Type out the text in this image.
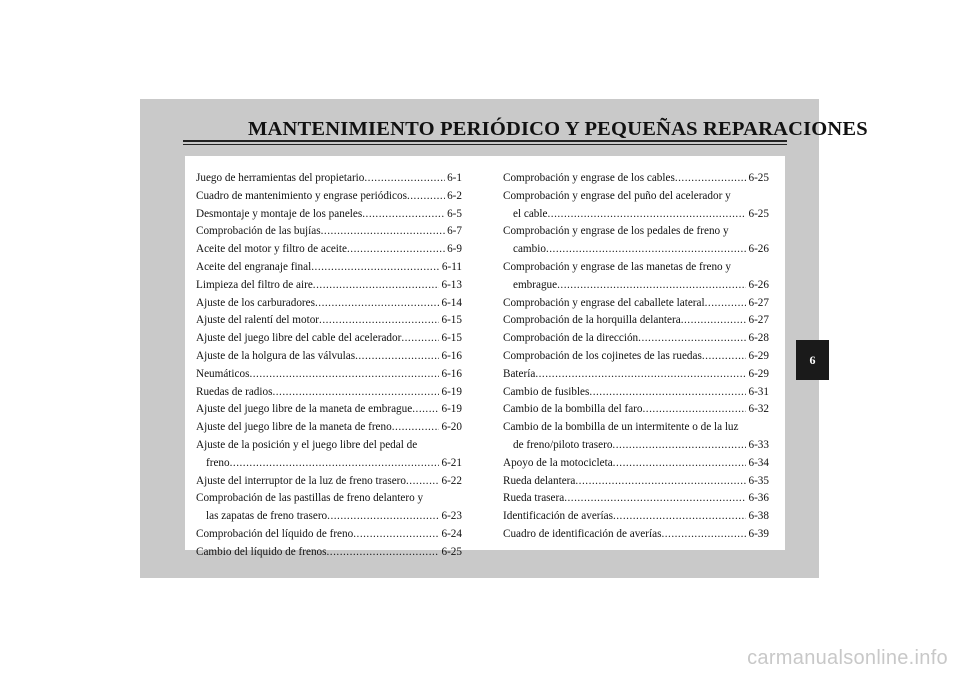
MANTENIMIENTO PERIÓDICO Y PEQUEÑAS REPARACIONES
Juego de herramientas del propietario .....	6-1
Cuadro de mantenimiento y engrase periódicos .....	6-2
Desmontaje y montaje de los paneles .....	6-5
Comprobación de las bujías .....	6-7
Aceite del motor y filtro de aceite .....	6-9
Aceite del engranaje final .....	6-11
Limpieza del filtro de aire .....	6-13
Ajuste de los carburadores .....	6-14
Ajuste del ralentí del motor .....	6-15
Ajuste del juego libre del cable del acelerador .....	6-15
Ajuste de la holgura de las válvulas .....	6-16
Neumáticos .....	6-16
Ruedas de radios .....	6-19
Ajuste del juego libre de la maneta de embrague .....	6-19
Ajuste del juego libre de la maneta de freno .....	6-20
Ajuste de la posición y el juego libre del pedal de
freno .....	6-21
Ajuste del interruptor de la luz de freno trasero .....	6-22
Comprobación de las pastillas de freno delantero y
las zapatas de freno trasero .....	6-23
Comprobación del líquido de freno .....	6-24
Cambio del líquido de frenos .....	6-25
Comprobación y engrase de los cables .....	6-25
Comprobación y engrase del puño del acelerador y
el cable .....	6-25
Comprobación y engrase de los pedales de freno y
cambio .....	6-26
Comprobación y engrase de las manetas de freno y
embrague .....	6-26
Comprobación y engrase del caballete lateral .....	6-27
Comprobación de la horquilla delantera .....	6-27
Comprobación de la dirección .....	6-28
Comprobación de los cojinetes de las ruedas .....	6-29
Batería .....	6-29
Cambio de fusibles .....	6-31
Cambio de la bombilla del faro .....	6-32
Cambio de la bombilla de un intermitente o de la luz
de freno/piloto trasero .....	6-33
Apoyo de la motocicleta .....	6-34
Rueda delantera .....	6-35
Rueda trasera .....	6-36
Identificación de averías .....	6-38
Cuadro de identificación de averías .....	6-39
6
carmanualsonline.info
